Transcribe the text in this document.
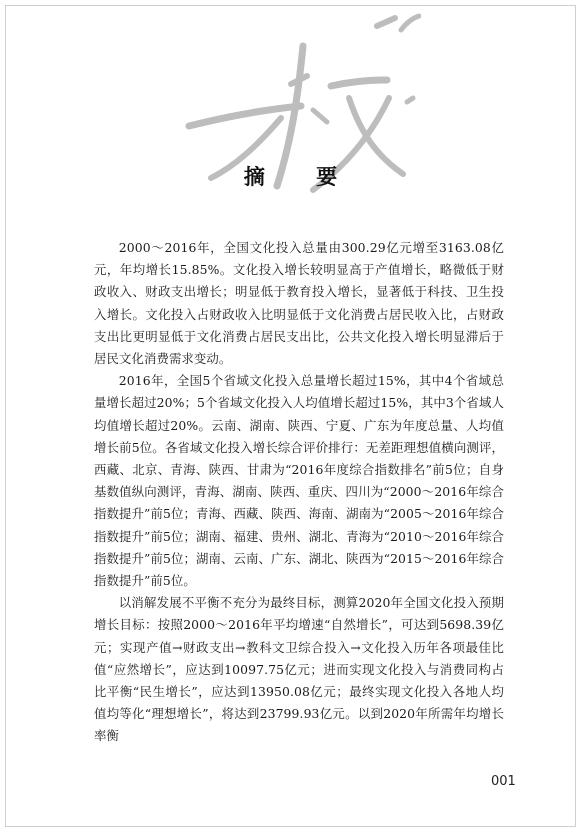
摘 要

2000～2016年，全国文化投入总量由300.29亿元增至3163.08亿元，年均增长15.85%。文化投入增长较明显高于产值增长，略微低于财政收入、财政支出增长；明显低于教育投入增长，显著低于科技、卫生投入增长。文化投入占财政收入比明显低于文化消费占居民收入比，占财政支出比更明显低于文化消费占居民支出比，公共文化投入增长明显滞后于居民文化消费需求变动。

2016年，全国5个省域文化投入总量增长超过15%，其中4个省域总量增长超过20%；5个省域文化投入人均值增长超过15%，其中3个省域人均值增长超过20%。云南、湖南、陕西、宁夏、广东为年度总量、人均值增长前5位。各省域文化投入增长综合评价排行：无差距理想值横向测评，西藏、北京、青海、陕西、甘肃为“2016年度综合指数排名”前5位；自身基数值纵向测评，青海、湖南、陕西、重庆、四川为“2000～2016年综合指数提升”前5位；青海、西藏、陕西、海南、湖南为“2005～2016年综合指数提升”前5位；湖南、福建、贵州、湖北、青海为“2010～2016年综合指数提升”前5位；湖南、云南、广东、湖北、陕西为“2015～2016年综合指数提升”前5位。

以消解发展不平衡不充分为最终目标，测算2020年全国文化投入预期增长目标：按照2000～2016年平均增速“自然增长”，可达到5698.39亿元；实现产值→财政支出→教科文卫综合投入→文化投入历年各项最佳比值“应然增长”，应达到10097.75亿元；进而实现文化投入与消费同构占比平衡“民生增长”，应达到13950.08亿元；最终实现文化投入各地人均值均等化“理想增长”，将达到23799.93亿元。以到2020年所需年均增长率衡

001
